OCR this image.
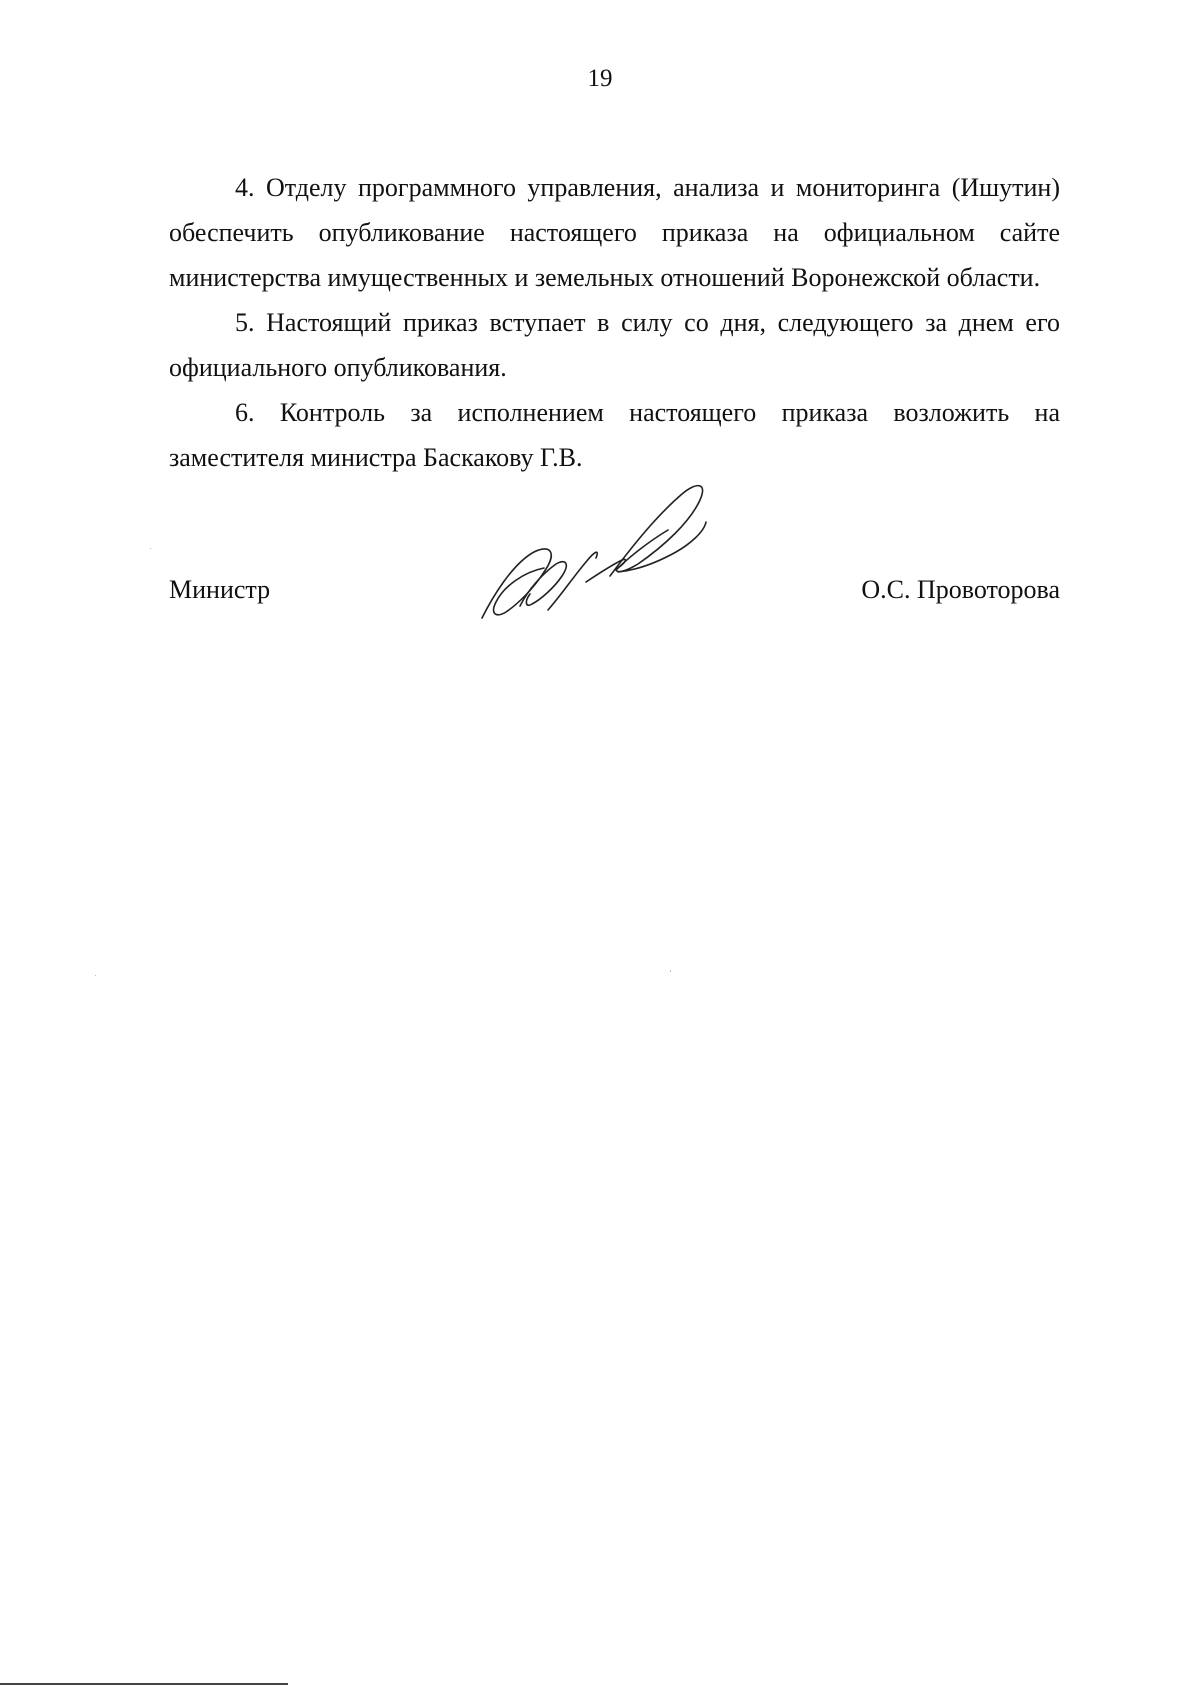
19

4. Отделу программного управления, анализа и мониторинга (Ишутин) обеспечить опубликование настоящего приказа на официальном сайте министерства имущественных и земельных отношений Воронежской области.

5. Настоящий приказ вступает в силу со дня, следующего за днем его официального опубликования.

6. Контроль за исполнением настоящего приказа возложить на заместителя министра Баскакову Г.В.

Министр	О.С. Провоторова
